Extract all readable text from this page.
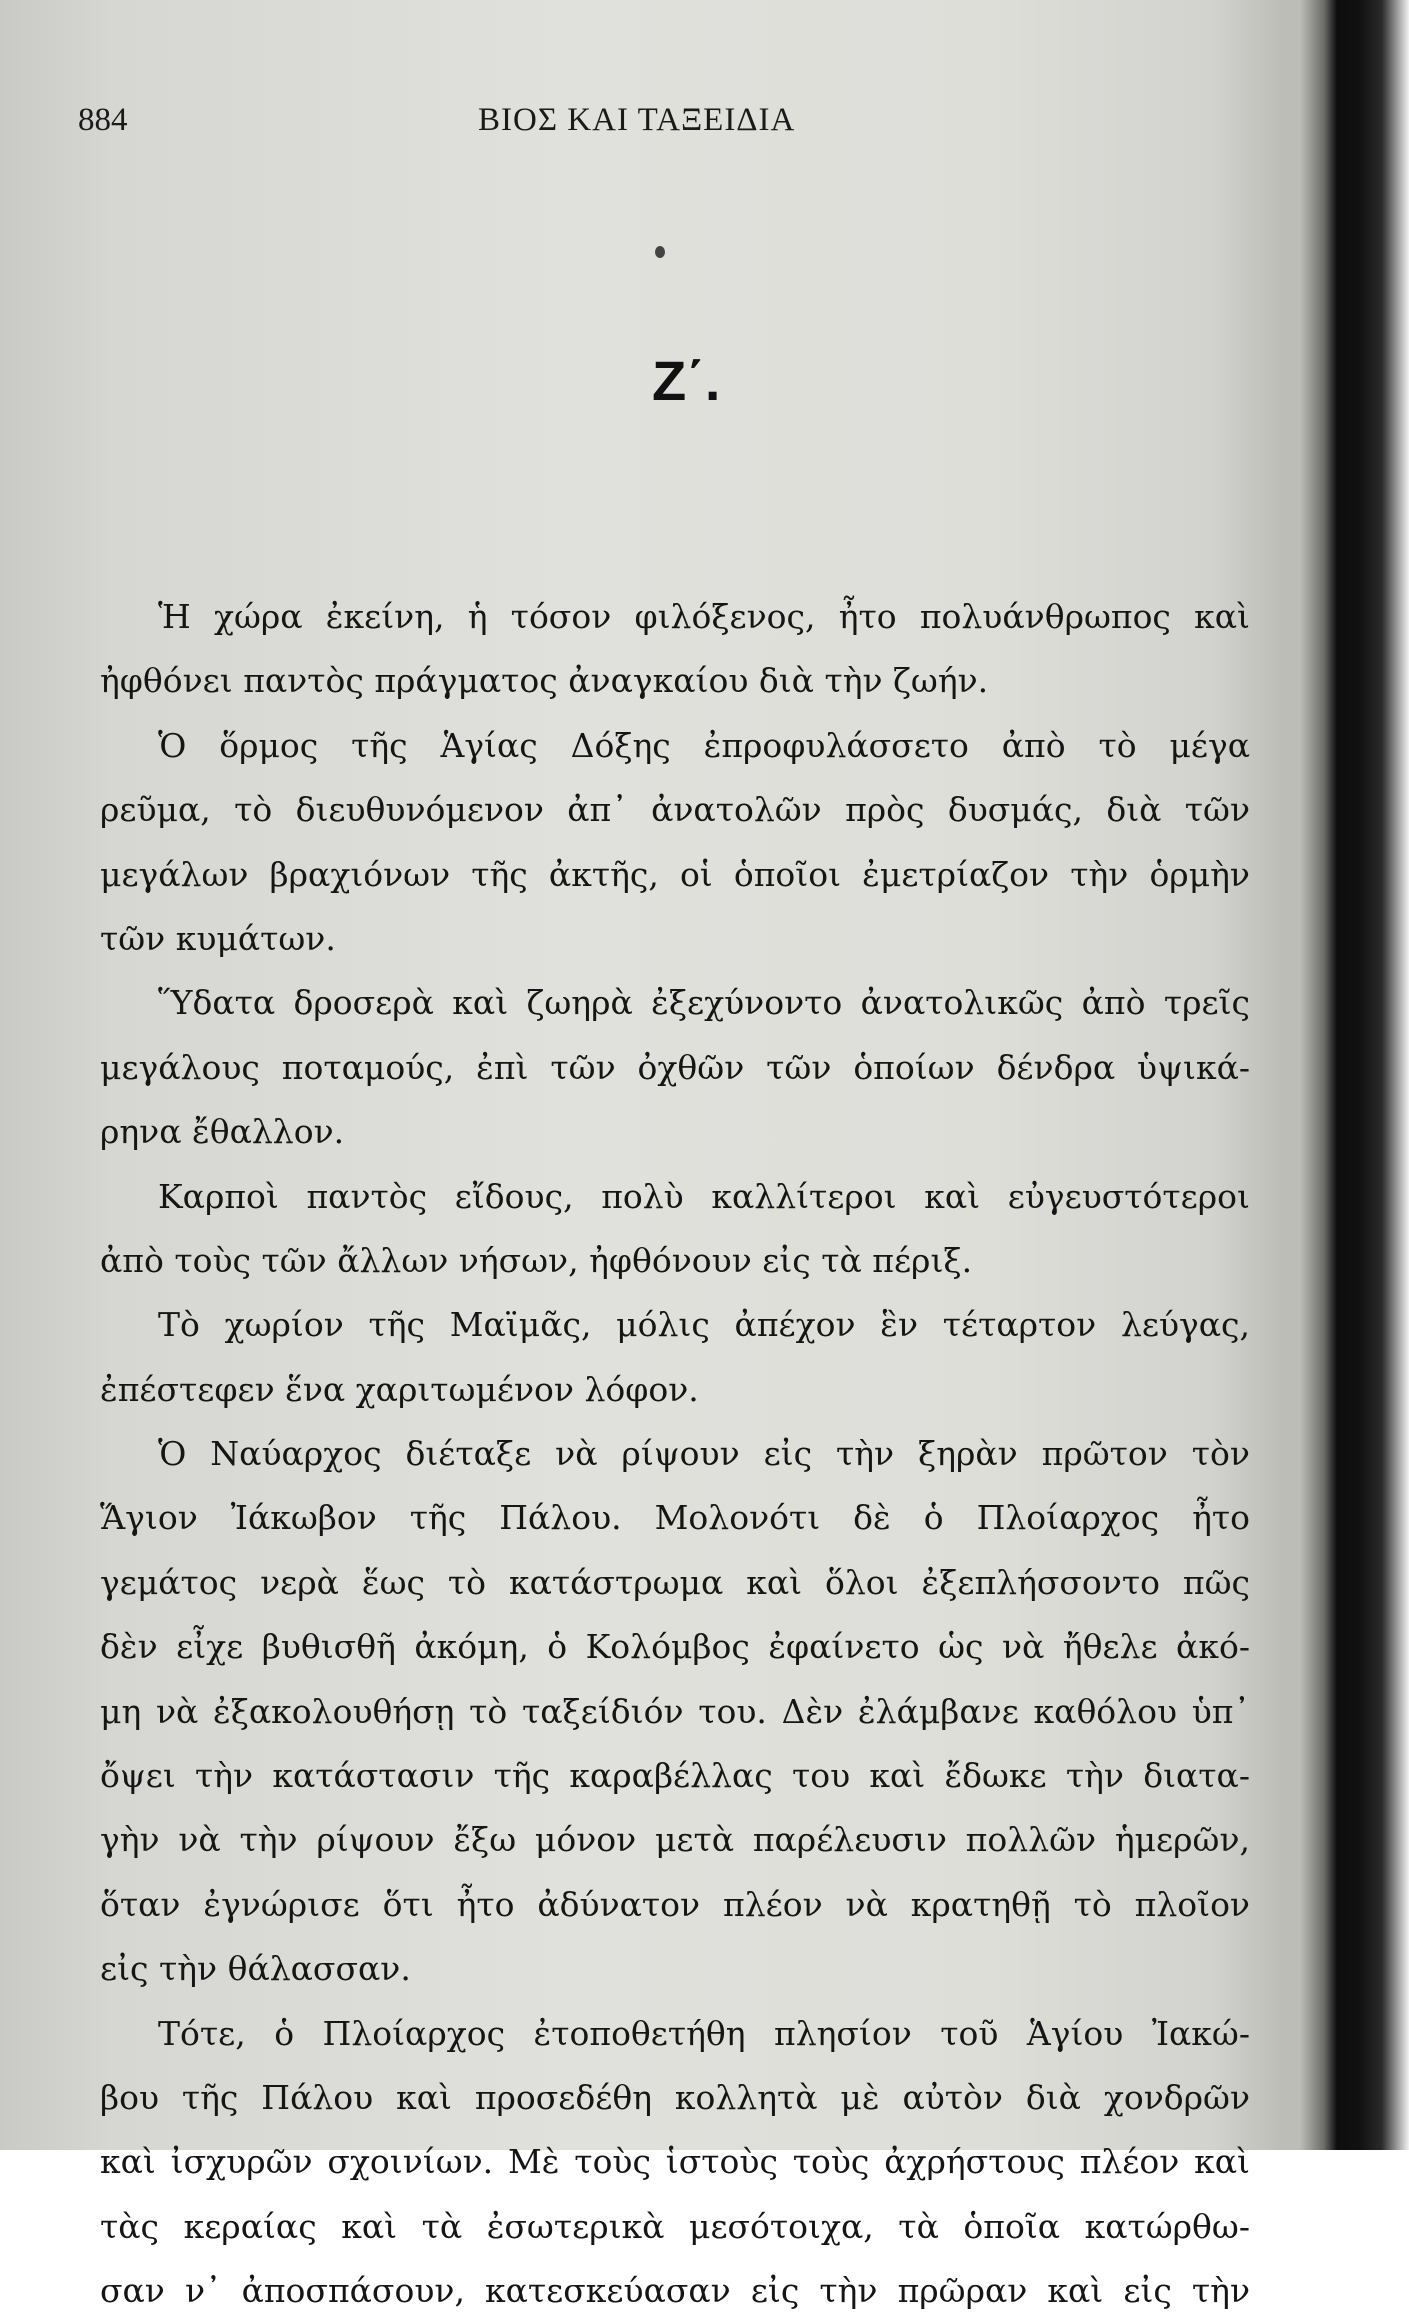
884	ΒΙΟΣ ΚΑΙ ΤΑΞΕΙΔΙΑ
Ζ΄.
Ἡ χώρα ἐκείνη, ἡ τόσον φιλόξενος, ἦτο πολυάνθρωπος καὶ
ἠφθόνει παντὸς πράγματος ἀναγκαίου διὰ τὴν ζωήν.
Ὁ ὅρμος τῆς Ἁγίας Δόξης ἐπροφυλάσσετο ἀπὸ τὸ μέγα
ρεῦμα, τὸ διευθυνόμενον ἀπ᾽ ἀνατολῶν πρὸς δυσμάς, διὰ τῶν
μεγάλων βραχιόνων τῆς ἀκτῆς, οἱ ὁποῖοι ἐμετρίαζον τὴν ὁρμὴν
τῶν κυμάτων.
Ὕδατα δροσερὰ καὶ ζωηρὰ ἐξεχύνοντο ἀνατολικῶς ἀπὸ τρεῖς
μεγάλους ποταμούς, ἐπὶ τῶν ὀχθῶν τῶν ὁποίων δένδρα ὑψικά-
ρηνα ἔθαλλον.
Καρποὶ παντὸς εἴδους, πολὺ καλλίτεροι καὶ εὐγευστότεροι
ἀπὸ τοὺς τῶν ἄλλων νήσων, ἠφθόνουν εἰς τὰ πέριξ.
Τὸ χωρίον τῆς Μαϊμᾶς, μόλις ἀπέχον ἓν τέταρτον λεύγας,
ἐπέστεφεν ἕνα χαριτωμένον λόφον.
Ὁ Ναύαρχος διέταξε νὰ ρίψουν εἰς τὴν ξηρὰν πρῶτον τὸν
Ἅγιον Ἰάκωβον τῆς Πάλου. Μολονότι δὲ ὁ Πλοίαρχος ἦτο
γεμάτος νερὰ ἕως τὸ κατάστρωμα καὶ ὅλοι ἐξεπλήσσοντο πῶς
δὲν εἶχε βυθισθῆ ἀκόμη, ὁ Κολόμβος ἐφαίνετο ὡς νὰ ἤθελε ἀκό-
μη νὰ ἐξακολουθήσῃ τὸ ταξείδιόν του. Δὲν ἐλάμβανε καθόλου ὑπ᾽
ὄψει τὴν κατάστασιν τῆς καραβέλλας του καὶ ἔδωκε τὴν διατα-
γὴν νὰ τὴν ρίψουν ἔξω μόνον μετὰ παρέλευσιν πολλῶν ἡμερῶν,
ὅταν ἐγνώρισε ὅτι ἦτο ἀδύνατον πλέον νὰ κρατηθῇ τὸ πλοῖον
εἰς τὴν θάλασσαν.
Τότε, ὁ Πλοίαρχος ἐτοποθετήθη πλησίον τοῦ Ἁγίου Ἰακώ-
βου τῆς Πάλου καὶ προσεδέθη κολλητὰ μὲ αὐτὸν διὰ χονδρῶν
καὶ ἰσχυρῶν σχοινίων. Μὲ τοὺς ἱστοὺς τοὺς ἀχρήστους πλέον καὶ
τὰς κεραίας καὶ τὰ ἐσωτερικὰ μεσότοιχα, τὰ ὁποῖα κατώρθω-
σαν ν᾽ ἀποσπάσουν, κατεσκεύασαν εἰς τὴν πρῶραν καὶ εἰς τὴν
